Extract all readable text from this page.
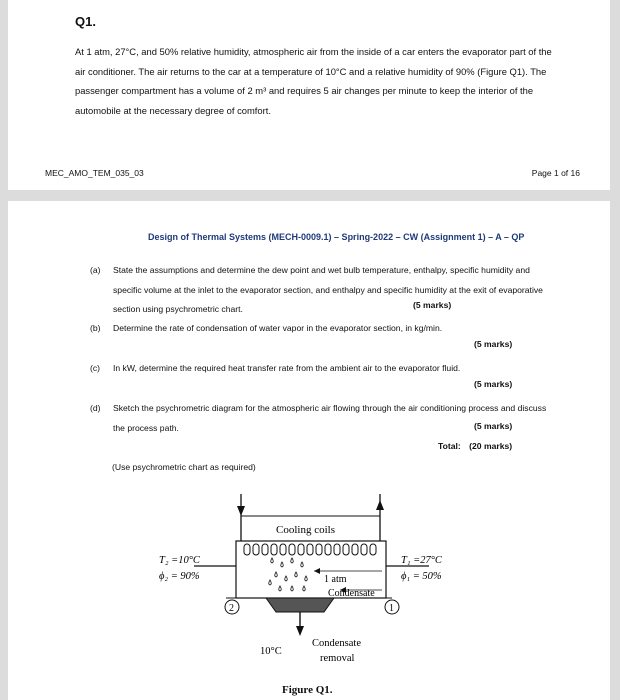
Q1.
At 1 atm, 27°C, and 50% relative humidity, atmospheric air from the inside of a car enters the evaporator part of the air conditioner. The air returns to the car at a temperature of 10°C and a relative humidity of 90% (Figure Q1). The passenger compartment has a volume of 2 m³ and requires 5 air changes per minute to keep the interior of the automobile at the necessary degree of comfort.
MEC_AMO_TEM_035_03	Page 1 of 16
Design of Thermal Systems (MECH-0009.1) – Spring-2022 – CW (Assignment 1) – A – QP
(a) State the assumptions and determine the dew point and wet bulb temperature, enthalpy, specific humidity and specific volume at the inlet to the evaporator section, and enthalpy and specific humidity at the exit of evaporative section using psychrometric chart.	(5 marks)
(b) Determine the rate of condensation of water vapor in the evaporator section, in kg/min.
(5 marks)
(c) In kW, determine the required heat transfer rate from the ambient air to the evaporator fluid.
(5 marks)
(d) Sketch the psychrometric diagram for the atmospheric air flowing through the air conditioning process and discuss the process path.	(5 marks)
Total: (20 marks)
(Use psychrometric chart as required)
Cooling coils
1 atm
Condensate
T₂ =10°C
ϕ₂ = 90%
T₁ =27°C
ϕ₁ = 50%
2	1
10°C
Condensate
removal
Figure Q1.
